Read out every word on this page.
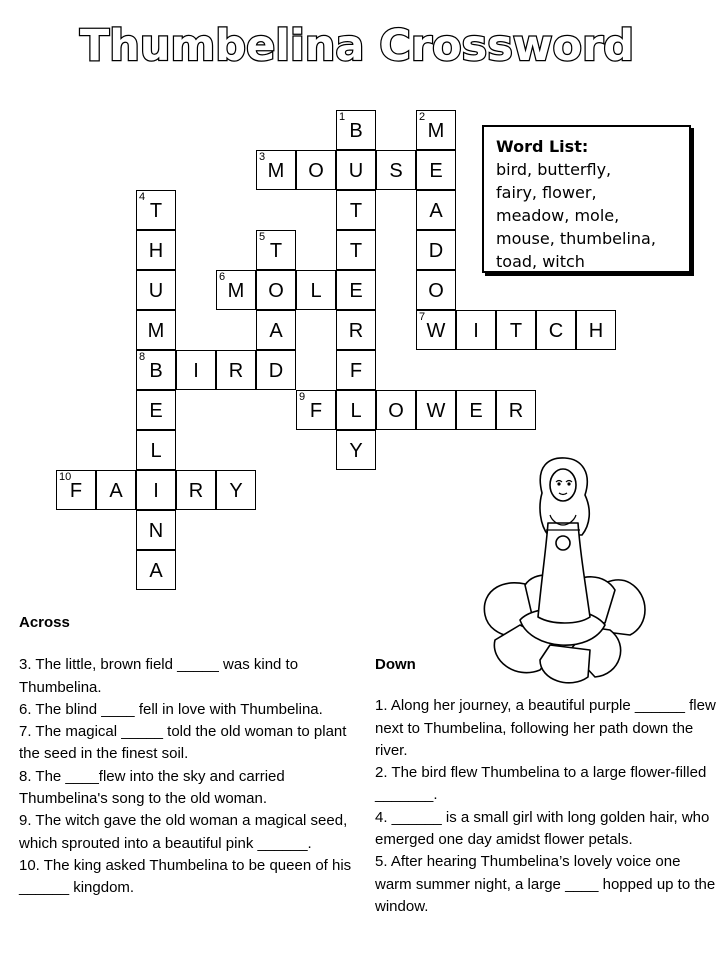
Thumbelina Crossword
1
B
U
T
T
E
R
F
L
Y
2
M
E
A
D
O
7
W
3
M	O	S
4
T
H
U
M
8
B
E
L
I
N
A
5
T
O
A
D
6
M	L
I	T	C	H
I	R
9
F	O	W	E	R
10
F	A	R	Y
Word List:
bird, butterfly,
fairy, flower,
meadow, mole,
mouse, thumbelina,
toad, witch
Across

3. The little, brown field _____ was kind to Thumbelina.

6. The blind ____ fell in love with Thumbelina.

7. The magical _____ told the old woman to plant the seed in the finest soil.

8. The ____flew into the sky and carried Thumbelina's song to the old woman.

9. The witch gave the old woman a magical seed, which sprouted into a beautiful pink ______.

10. The king asked Thumbelina to be queen of his ______ kingdom.

Down

1. Along her journey, a beautiful purple ______ flew next to Thumbelina, following her path down the river.

2. The bird flew Thumbelina to a large flower-filled _______.

4. ______ is a small girl with long golden hair, who emerged one day amidst flower petals.

5. After hearing Thumbelina’s lovely voice one warm summer night, a large ____ hopped up to the window.
